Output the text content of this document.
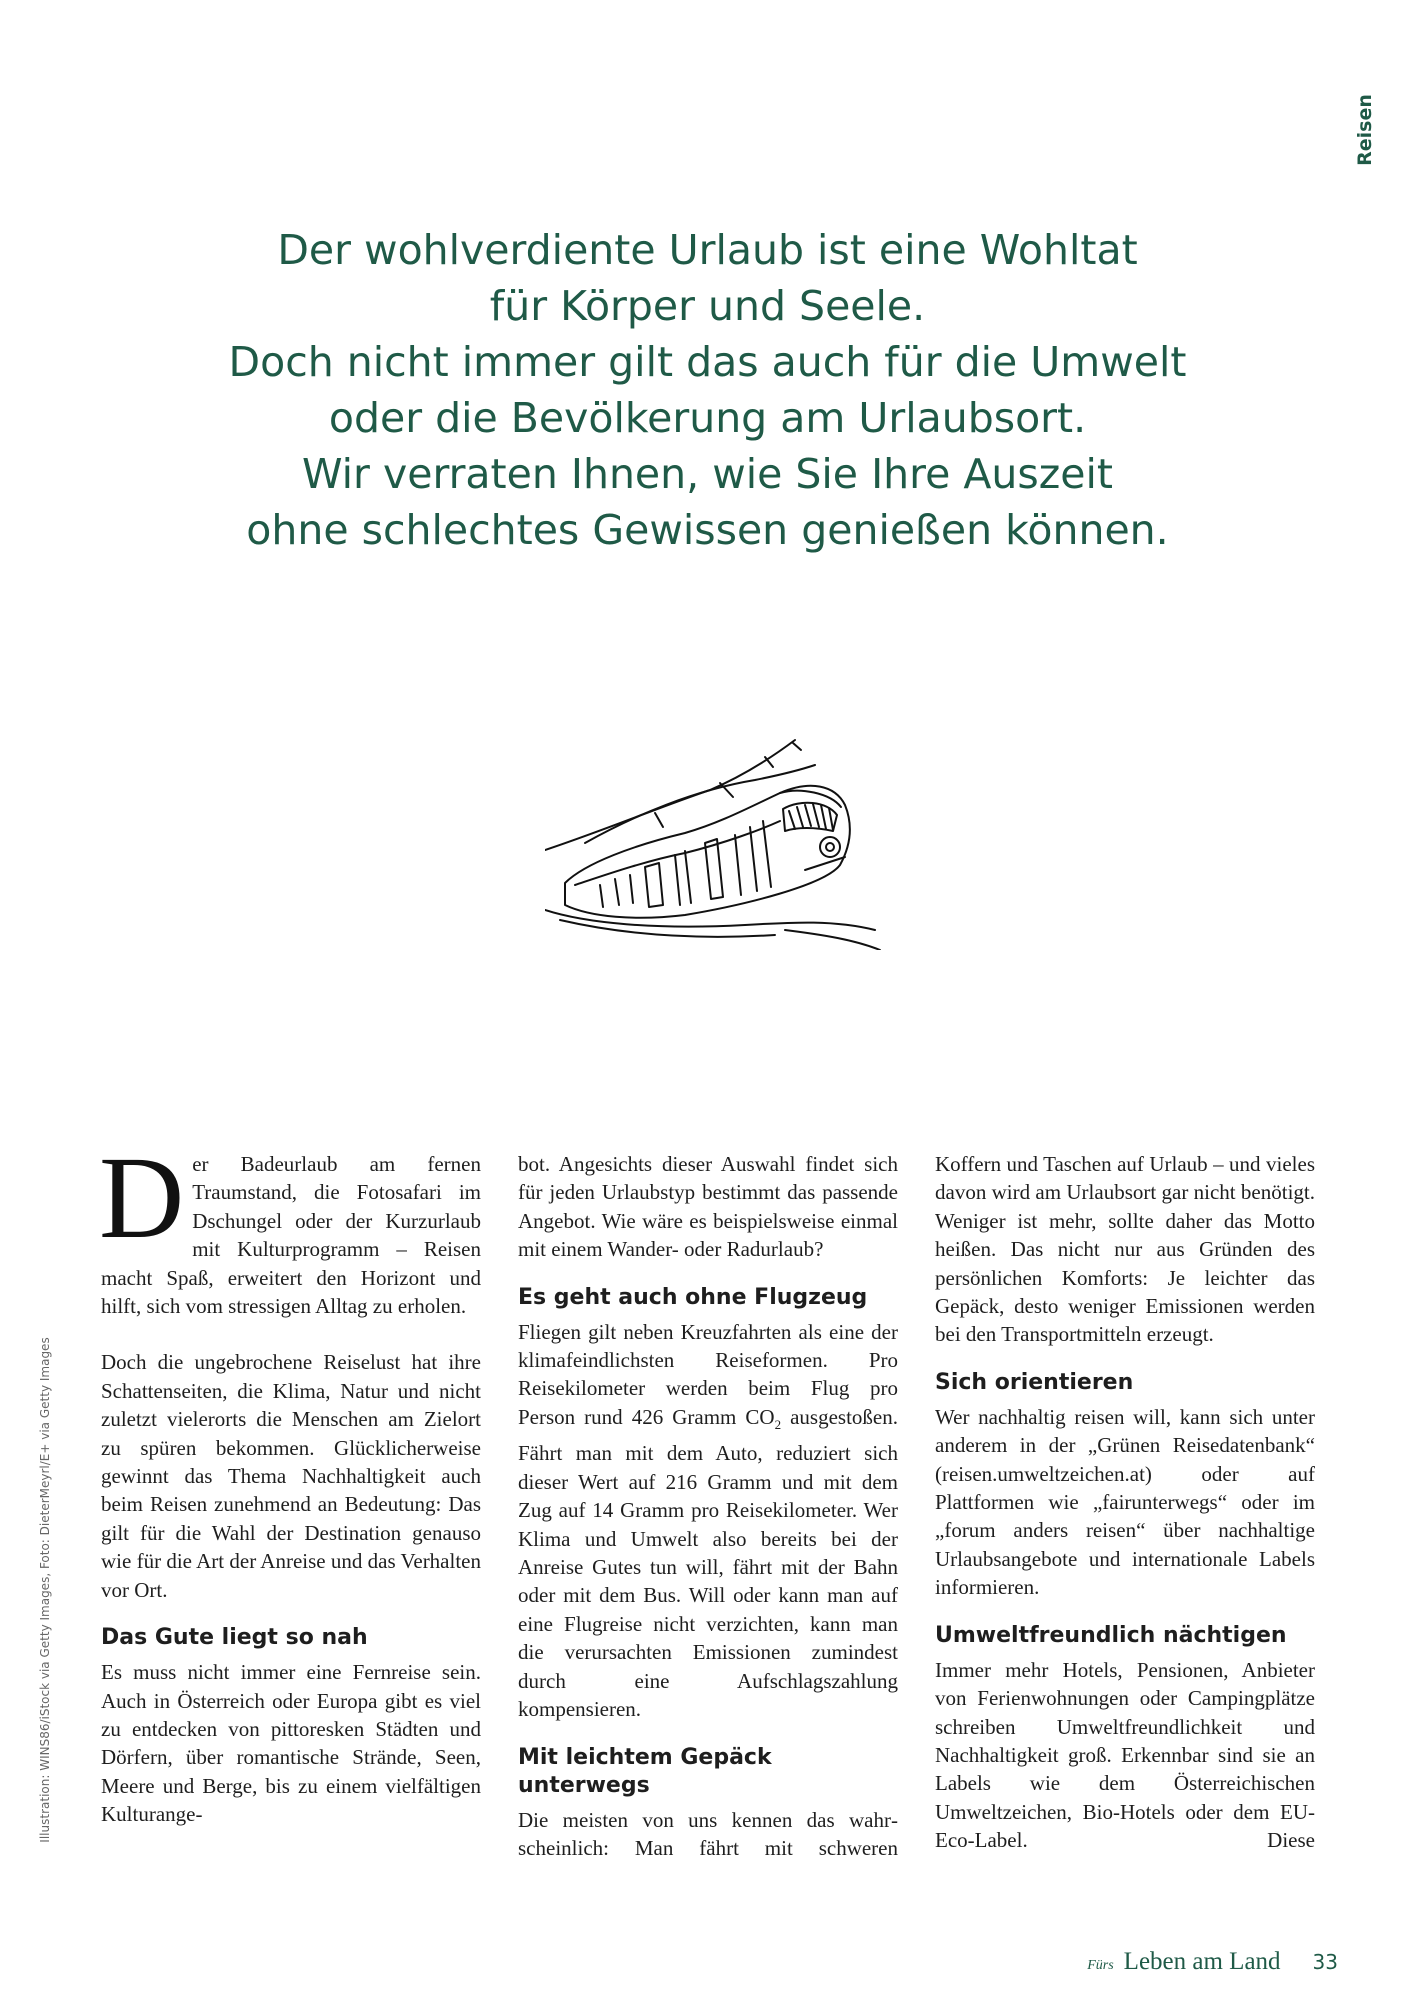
Reisen
Der wohlverdiente Urlaub ist eine Wohltat
für Körper und Seele.
Doch nicht immer gilt das auch für die Umwelt
oder die Bevölkerung am Urlaubsort.
Wir verraten Ihnen, wie Sie Ihre Auszeit
ohne schlechtes Gewissen genießen können.
Illustration: WINS86/iStock via Getty Images, Foto: DieterMeyrl/E+ via Getty Images

Der Badeurlaub am fernen Traumstand, die Fotosafari im Dschungel oder der Kurzurlaub mit Kulturprogramm – Reisen macht Spaß, erweitert den Horizont und hilft, sich vom stressigen Alltag zu erholen.

Doch die ungebrochene Reiselust hat ihre Schattenseiten, die Klima, Natur und nicht zuletzt vielerorts die Menschen am Zielort zu spüren bekommen. Glücklicherweise gewinnt das Thema Nachhaltigkeit auch beim Reisen zunehmend an Bedeutung: Das gilt für die Wahl der Destination genauso wie für die Art der Anreise und das Verhalten vor Ort.

Das Gute liegt so nah

Es muss nicht immer eine Fernreise sein. Auch in Österreich oder Europa gibt es viel zu entdecken von pittoresken Städten und Dörfern, über romantische Strände, Seen, Meere und Berge, bis zu einem vielfältigen Kulturange-

bot. Angesichts dieser Auswahl findet sich für jeden Urlaubstyp bestimmt das passende Angebot. Wie wäre es beispielsweise einmal mit einem Wander- oder Radurlaub?

Es geht auch ohne Flugzeug

Fliegen gilt neben Kreuzfahrten als eine der klimafeindlichsten Reiseformen. Pro Reisekilometer werden beim Flug pro Person rund 426 Gramm $CO_2$ ausgestoßen. Fährt man mit dem Auto, reduziert sich dieser Wert auf 216 Gramm und mit dem Zug auf 14 Gramm pro Reisekilometer. Wer Klima und Umwelt also bereits bei der Anreise Gutes tun will, fährt mit der Bahn oder mit dem Bus. Will oder kann man auf eine Flugreise nicht verzichten, kann man die verursachten Emissionen zumindest durch eine Aufschlagszahlung kompensieren.

Mit leichtem Gepäck unterwegs

Die meisten von uns kennen das wahrscheinlich: Man fährt mit schweren

Koffern und Taschen auf Urlaub – und vieles davon wird am Urlaubsort gar nicht benötigt. Weniger ist mehr, sollte daher das Motto heißen. Das nicht nur aus Gründen des persönlichen Komforts: Je leichter das Gepäck, desto weniger Emissionen werden bei den Transportmitteln erzeugt.

Sich orientieren

Wer nachhaltig reisen will, kann sich unter anderem in der „Grünen Reisedatenbank“ (reisen.umweltzeichen.at) oder auf Plattformen wie „fairunterwegs“ oder im „forum anders reisen“ über nachhaltige Urlaubsangebote und internationale Labels informieren.

Umweltfreundlich nächtigen

Immer mehr Hotels, Pensionen, Anbieter von Ferienwohnungen oder Campingplätze schreiben Umweltfreundlichkeit und Nachhaltigkeit groß. Erkennbar sind sie an Labels wie dem Österreichischen Umweltzeichen, Bio-Hotels oder dem EU-Eco-Label. Diese

Fürs Leben am Land 33
